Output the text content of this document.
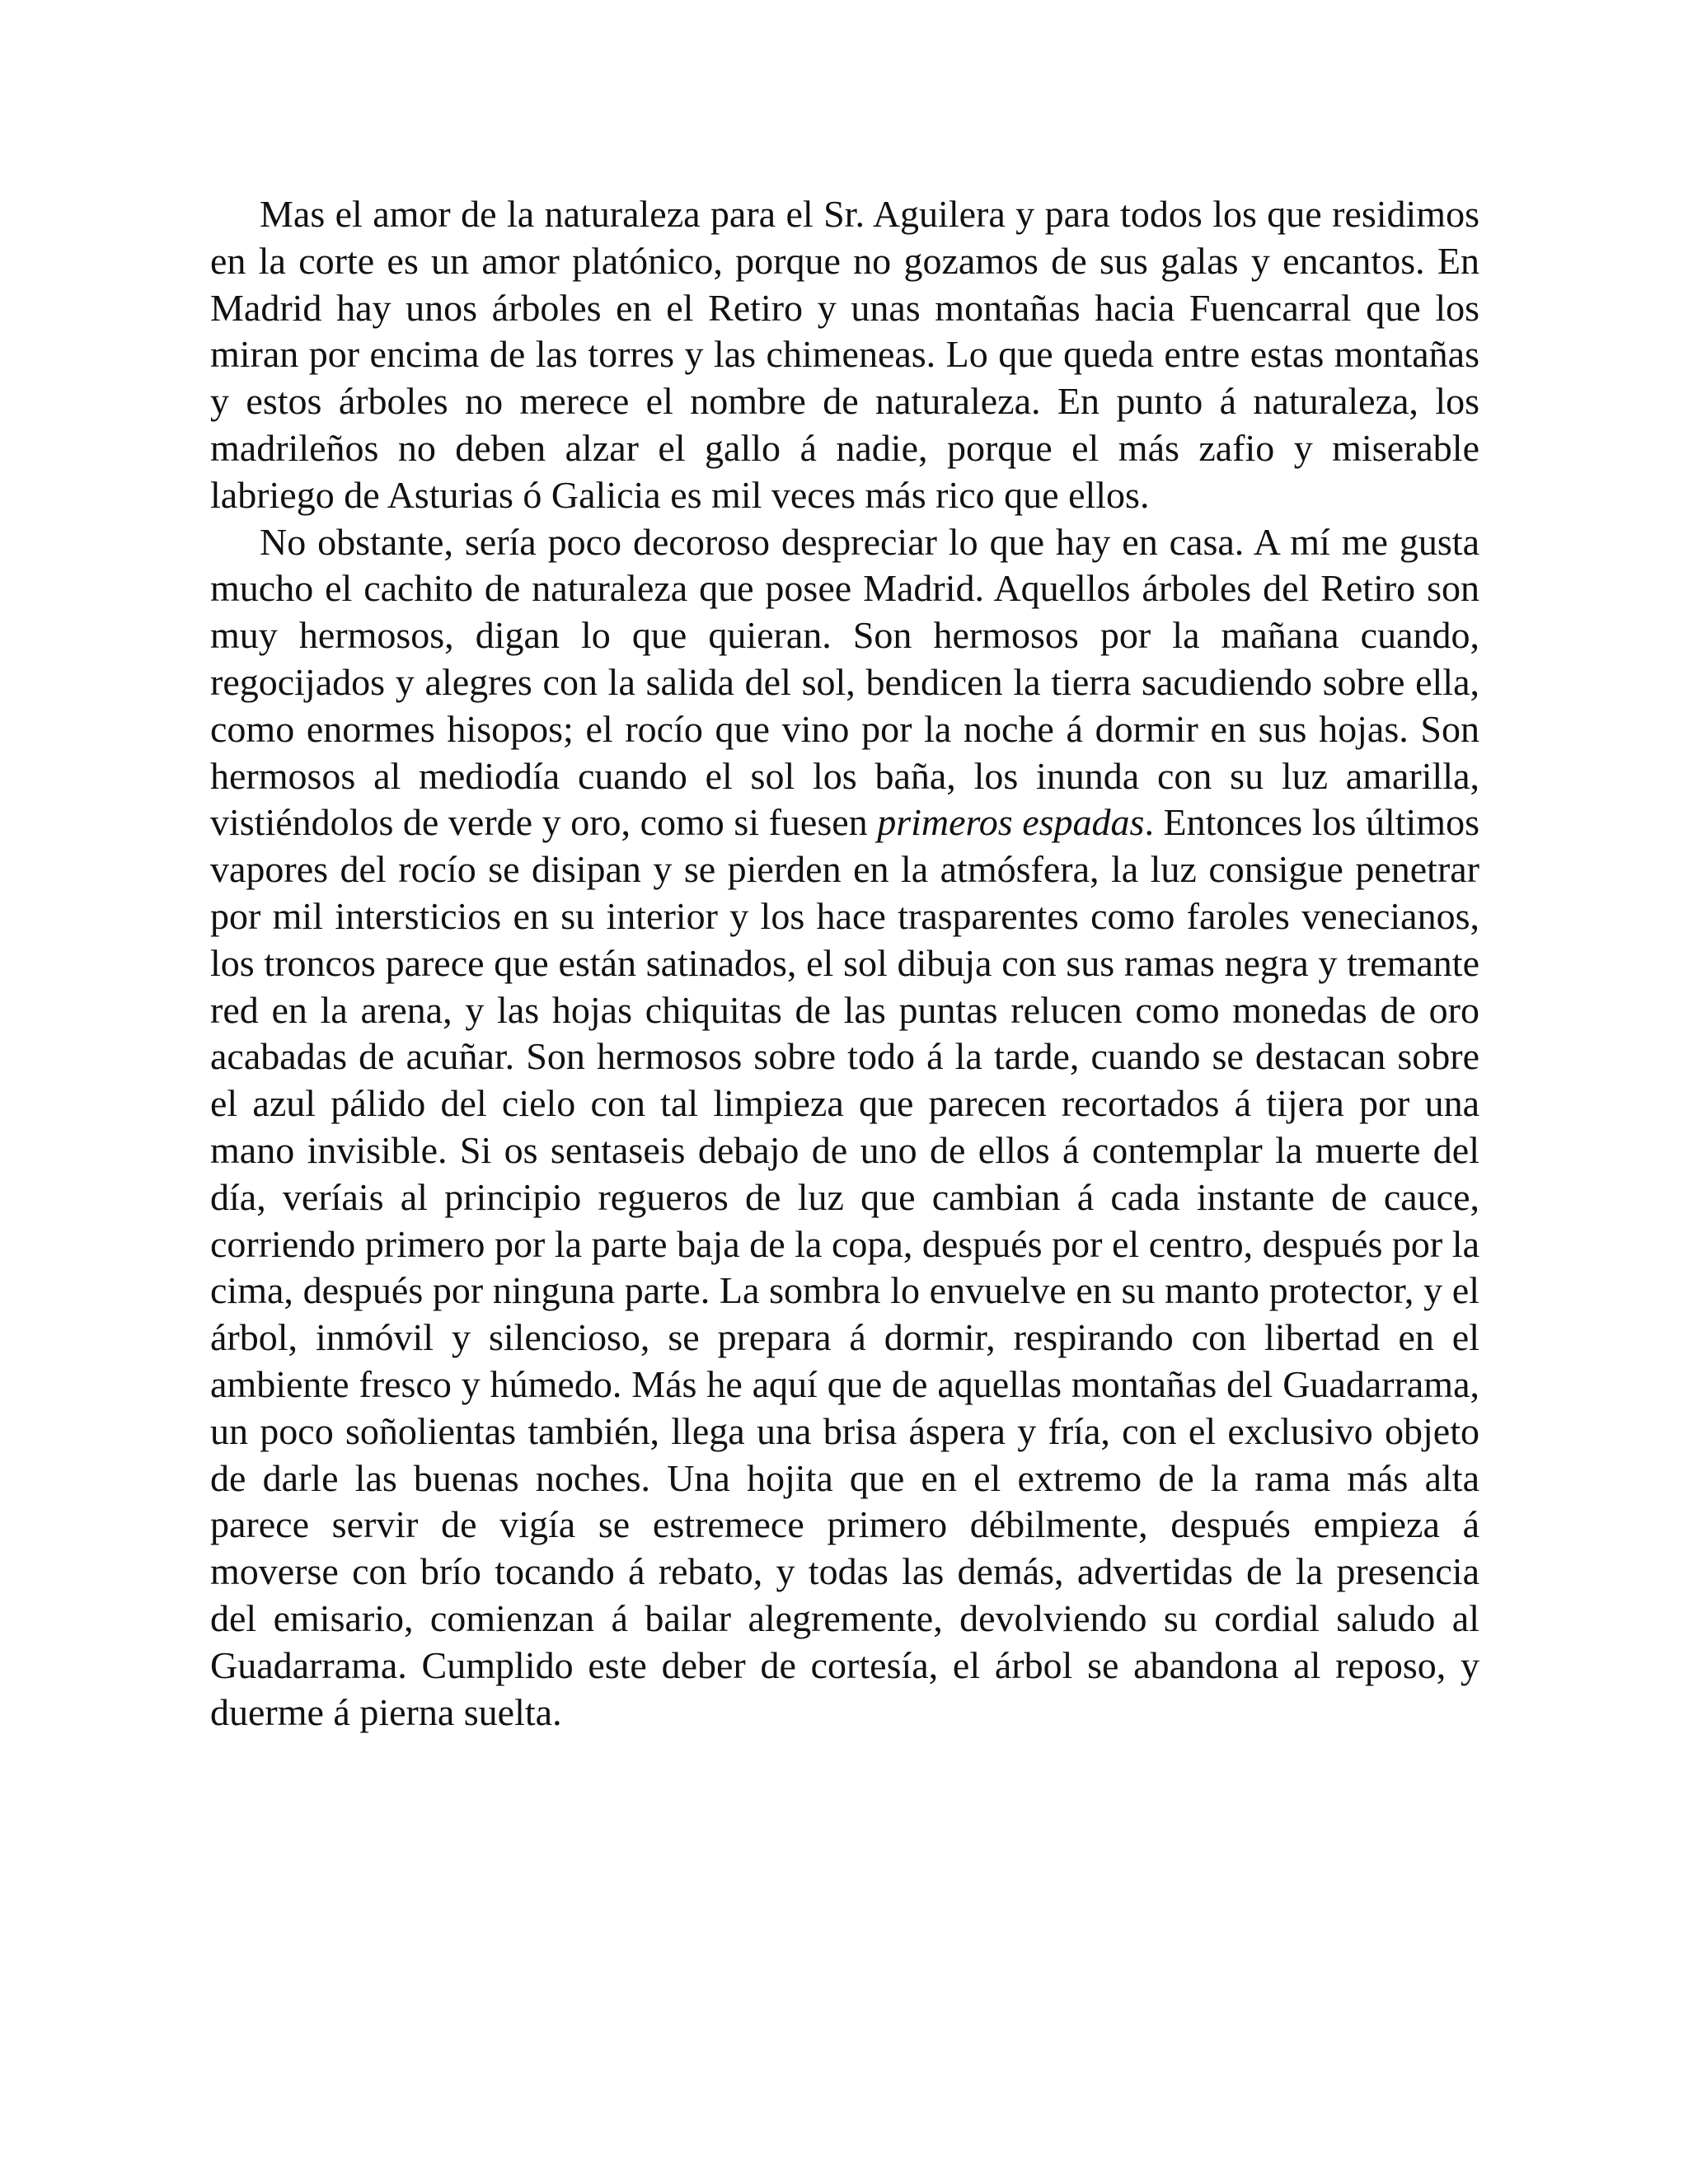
Mas el amor de la naturaleza para el Sr. Aguilera y para todos los que residimos en la corte es un amor platónico, porque no gozamos de sus galas y encantos. En Madrid hay unos árboles en el Retiro y unas montañas hacia Fuencarral que los miran por encima de las torres y las chimeneas. Lo que queda entre estas montañas y estos árboles no merece el nombre de naturaleza. En punto á naturaleza, los madrileños no deben alzar el gallo á nadie, porque el más zafio y miserable labriego de Asturias ó Galicia es mil veces más rico que ellos.

No obstante, sería poco decoroso despreciar lo que hay en casa. A mí me gusta mucho el cachito de naturaleza que posee Madrid. Aquellos árboles del Retiro son muy hermosos, digan lo que quieran. Son hermosos por la mañana cuando, regocijados y alegres con la salida del sol, bendicen la tierra sacudiendo sobre ella, como enormes hisopos; el rocío que vino por la noche á dormir en sus hojas. Son hermosos al mediodía cuando el sol los baña, los inunda con su luz amarilla, vistiéndolos de verde y oro, como si fuesen primeros espadas. Entonces los últimos vapores del rocío se disipan y se pierden en la atmósfera, la luz consigue penetrar por mil intersticios en su interior y los hace trasparentes como faroles venecianos, los troncos parece que están satinados, el sol dibuja con sus ramas negra y tremante red en la arena, y las hojas chiquitas de las puntas relucen como monedas de oro acabadas de acuñar. Son hermosos sobre todo á la tarde, cuando se destacan sobre el azul pálido del cielo con tal limpieza que parecen recortados á tijera por una mano invisible. Si os sentaseis debajo de uno de ellos á contemplar la muerte del día, veríais al principio regueros de luz que cambian á cada instante de cauce, corriendo primero por la parte baja de la copa, después por el centro, después por la cima, después por ninguna parte. La sombra lo envuelve en su manto protector, y el árbol, inmóvil y silencioso, se prepara á dormir, respirando con libertad en el ambiente fresco y húmedo. Más he aquí que de aquellas montañas del Guadarrama, un poco soñolientas también, llega una brisa áspera y fría, con el exclusivo objeto de darle las buenas noches. Una hojita que en el extremo de la rama más alta parece servir de vigía se estremece primero débilmente, después empieza á moverse con brío tocando á rebato, y todas las demás, advertidas de la presencia del emisario, comienzan á bailar alegremente, devolviendo su cordial saludo al Guadarrama. Cumplido este deber de cortesía, el árbol se abandona al reposo, y duerme á pierna suelta.
